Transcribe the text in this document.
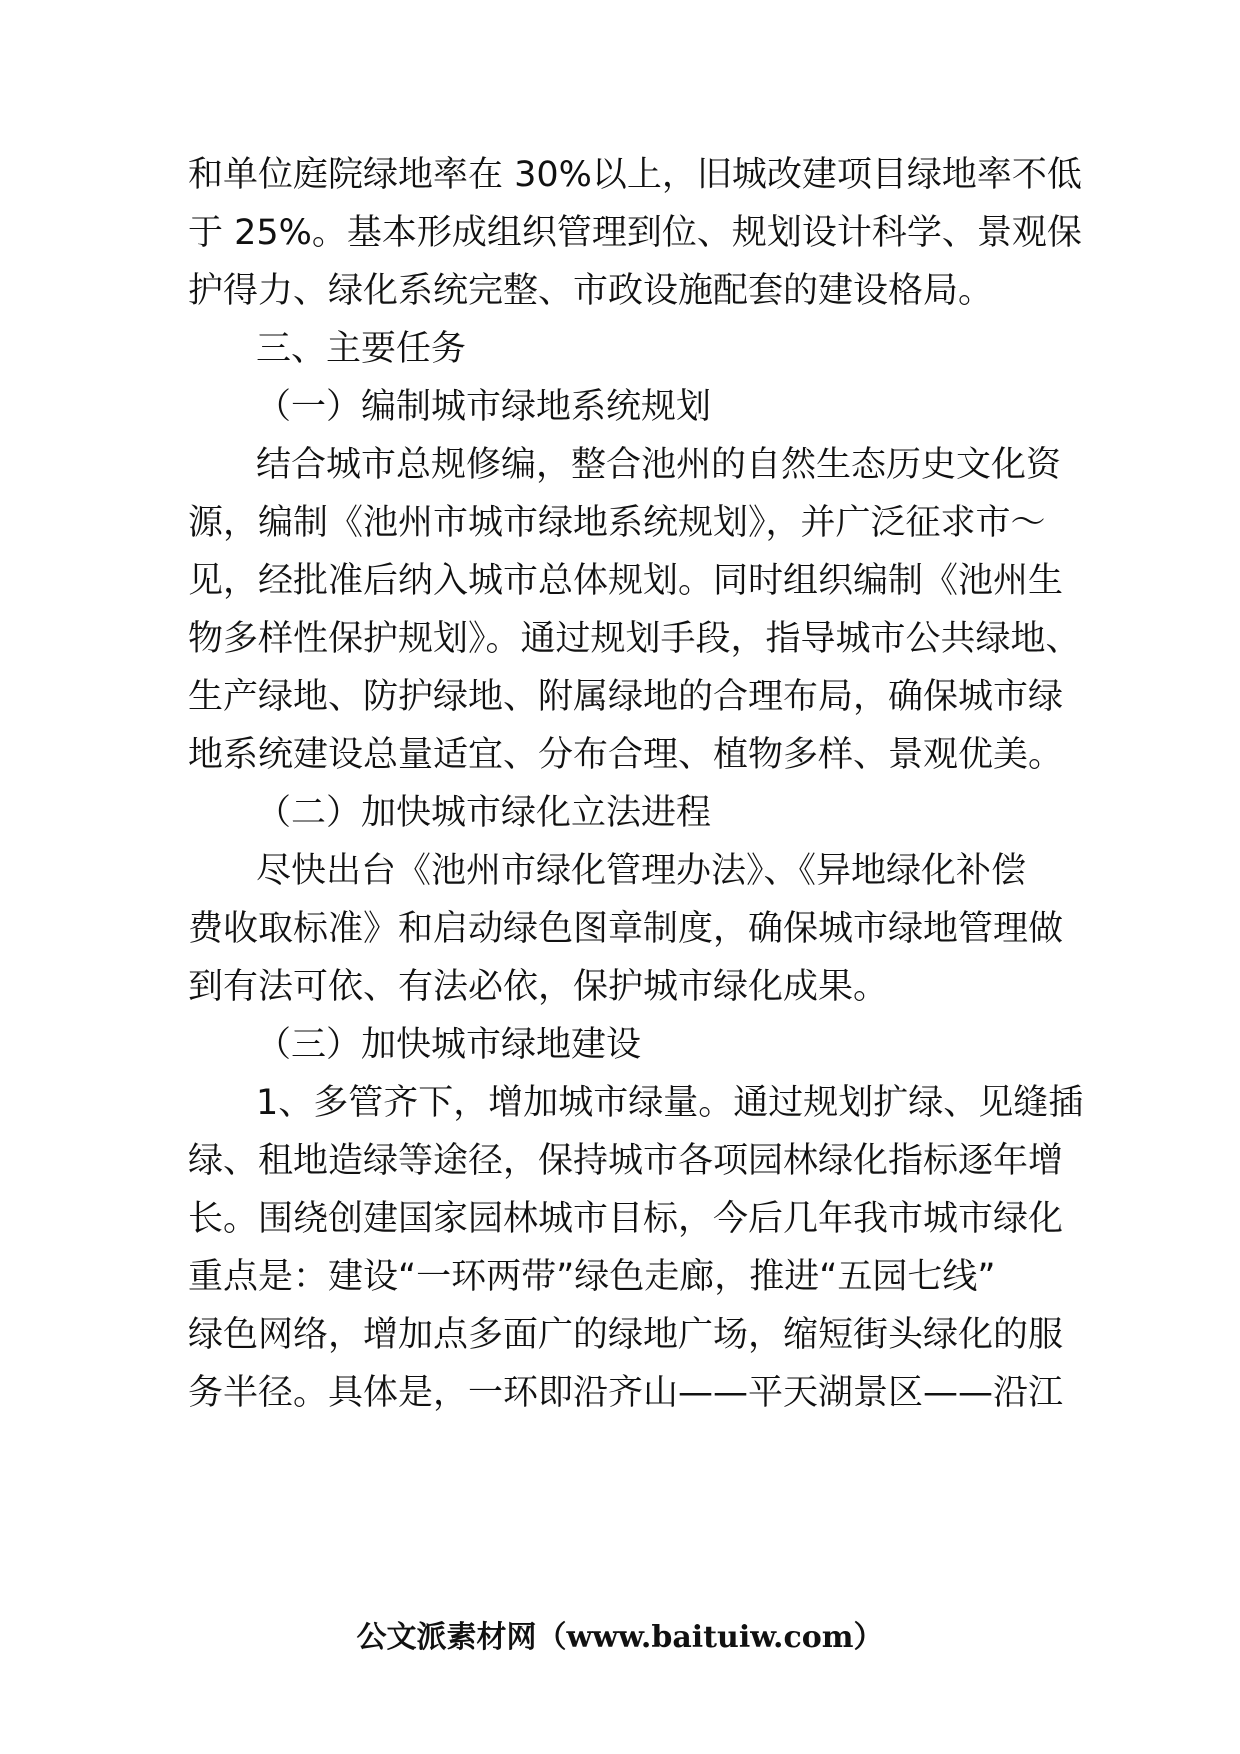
和单位庭院绿地率在 30%以上，旧城改建项目绿地率不低
于 25%。基本形成组织管理到位、规划设计科学、景观保
护得力、绿化系统完整、市政设施配套的建设格局。
三、主要任务
（一）编制城市绿地系统规划
结合城市总规修编，整合池州的自然生态历史文化资
源，编制《池州市城市绿地系统规划》，并广泛征求市～
见，经批准后纳入城市总体规划。同时组织编制《池州生
物多样性保护规划》。通过规划手段，指导城市公共绿地、
生产绿地、防护绿地、附属绿地的合理布局，确保城市绿
地系统建设总量适宜、分布合理、植物多样、景观优美。
（二）加快城市绿化立法进程
尽快出台《池州市绿化管理办法》、《异地绿化补偿
费收取标准》和启动绿色图章制度，确保城市绿地管理做
到有法可依、有法必依，保护城市绿化成果。
（三）加快城市绿地建设
1、多管齐下，增加城市绿量。通过规划扩绿、见缝插
绿、租地造绿等途径，保持城市各项园林绿化指标逐年增
长。围绕创建国家园林城市目标，今后几年我市城市绿化
重点是：建设“一环两带”绿色走廊，推进“五园七线”
绿色网络，增加点多面广的绿地广场，缩短街头绿化的服
务半径。具体是，一环即沿齐山——平天湖景区——沿江
公文派素材网（www.baituiw.com）
